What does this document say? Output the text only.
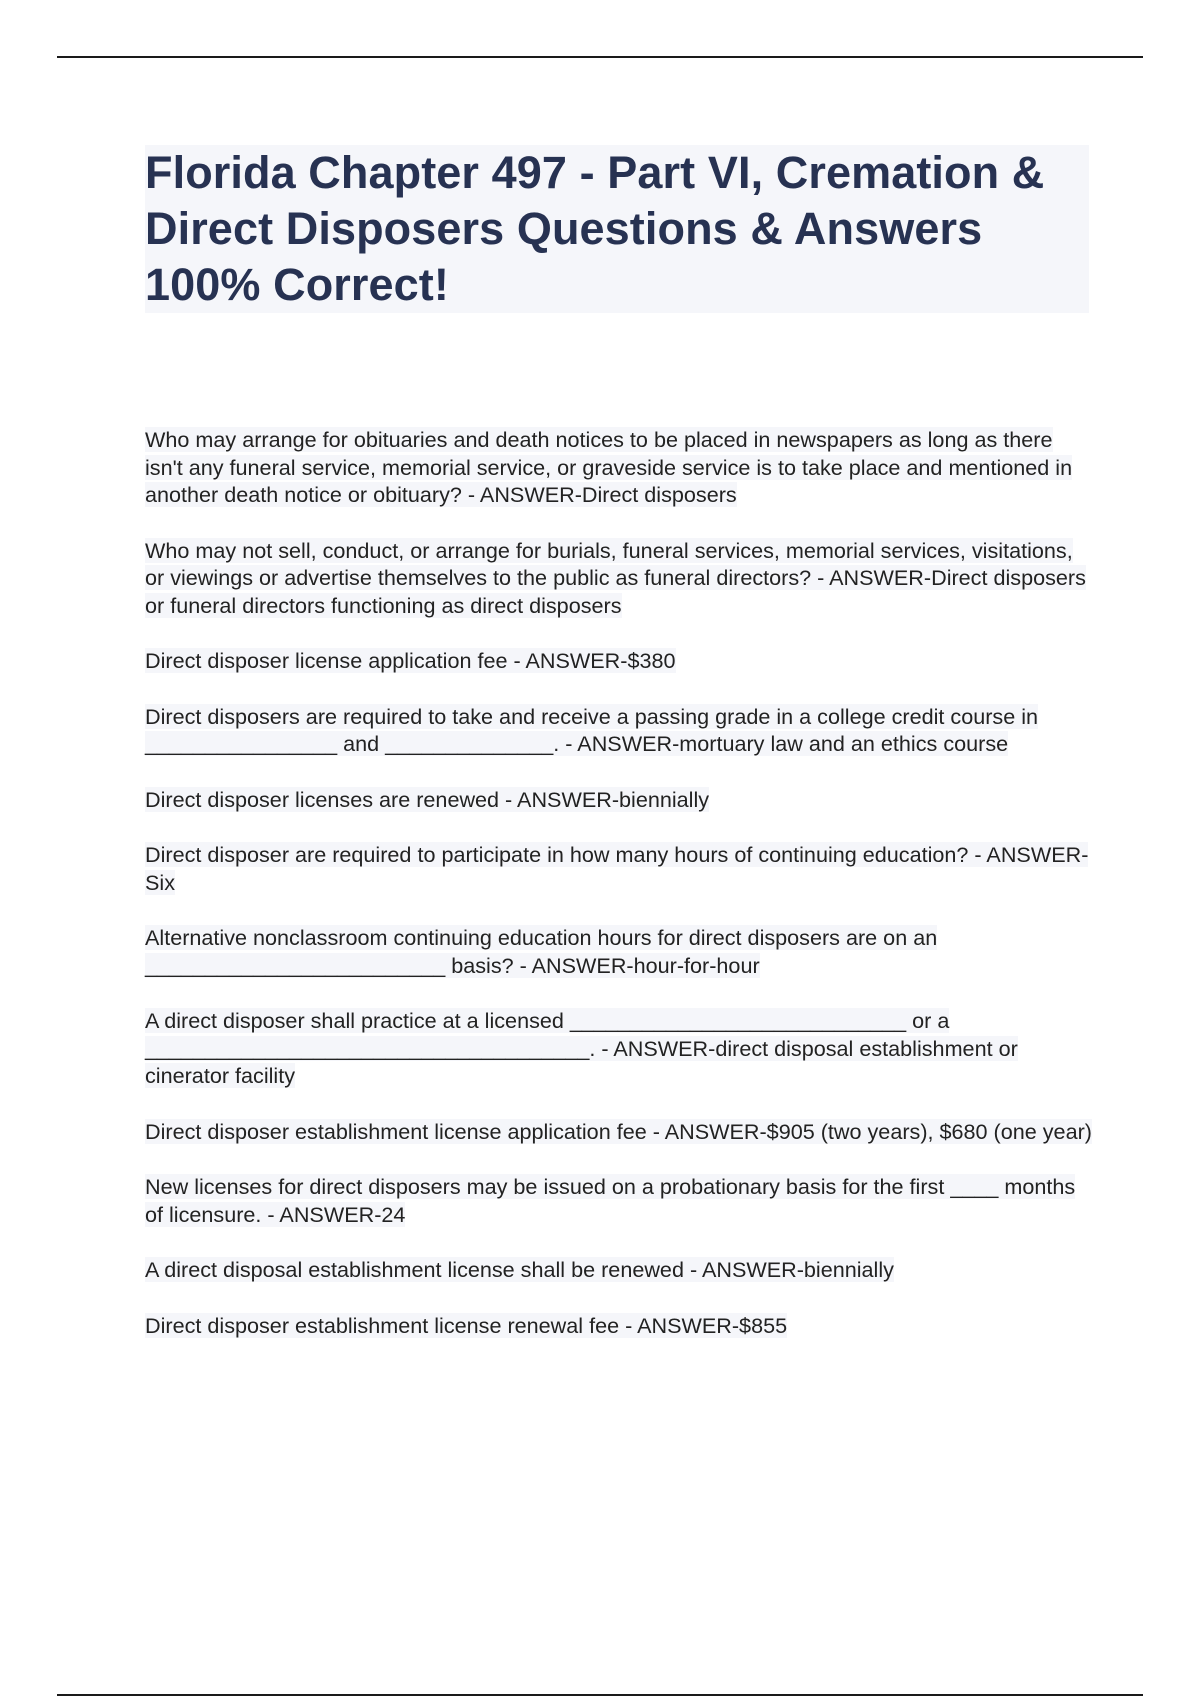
Florida Chapter 497 - Part VI, Cremation & Direct Disposers Questions & Answers 100% Correct!
Who may arrange for obituaries and death notices to be placed in newspapers as long as there isn't any funeral service, memorial service, or graveside service is to take place and mentioned in another death notice or obituary? - ANSWER-Direct disposers
Who may not sell, conduct, or arrange for burials, funeral services, memorial services, visitations, or viewings or advertise themselves to the public as funeral directors? - ANSWER-Direct disposers or funeral directors functioning as direct disposers
Direct disposer license application fee - ANSWER-$380
Direct disposers are required to take and receive a passing grade in a college credit course in ________________ and ______________. - ANSWER-mortuary law and an ethics course
Direct disposer licenses are renewed - ANSWER-biennially
Direct disposer are required to participate in how many hours of continuing education? - ANSWER-Six
Alternative nonclassroom continuing education hours for direct disposers are on an _________________________ basis? - ANSWER-hour-for-hour
A direct disposer shall practice at a licensed ____________________________ or a _____________________________________. - ANSWER-direct disposal establishment or cinerator facility
Direct disposer establishment license application fee - ANSWER-$905 (two years), $680 (one year)
New licenses for direct disposers may be issued on a probationary basis for the first ____ months of licensure. - ANSWER-24
A direct disposal establishment license shall be renewed - ANSWER-biennially
Direct disposer establishment license renewal fee - ANSWER-$855
